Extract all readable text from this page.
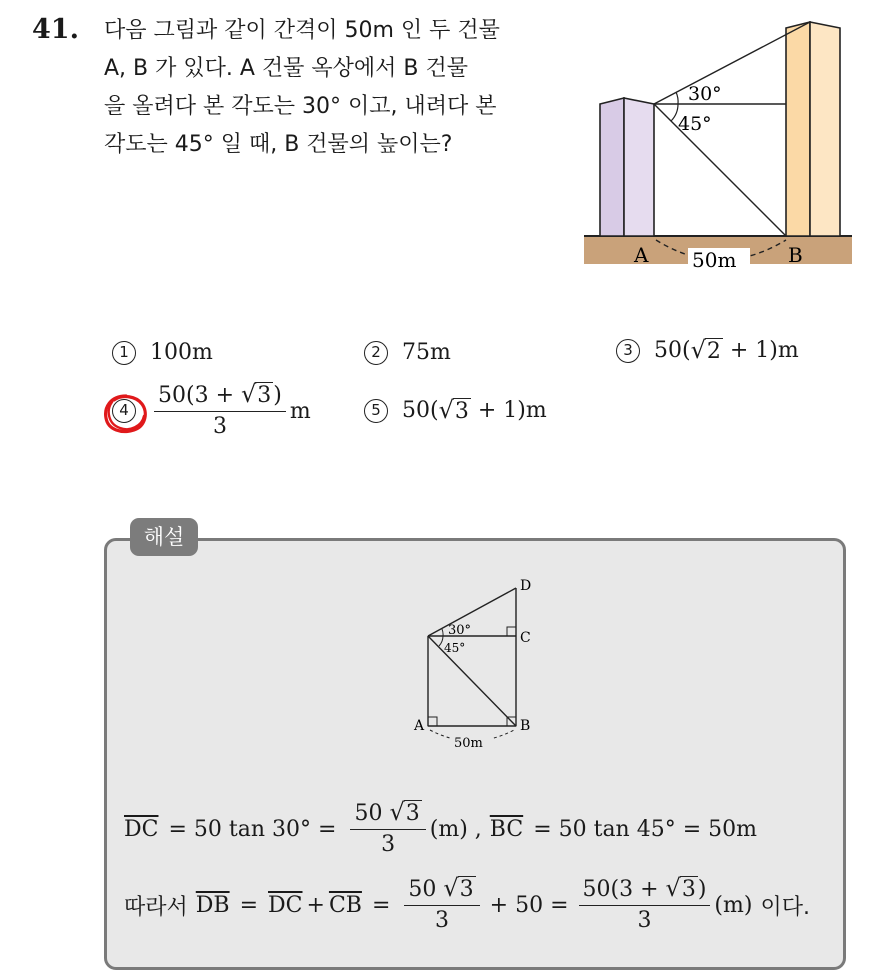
41. 다음 그림과 같이 간격이 50m 인 두 건물
A, B 가 있다. A 건물 옥상에서 B 건물
을 올려다 본 각도는 30° 이고, 내려다 본
각도는 45° 일 때, B 건물의 높이는?
30°
45°
A	B
50m
1 100m	2 75m	3 50( √ 2 + 1)m
4	$\frac{50(3 + √ 3 )}{3}$ m	5 50( √ 3 + 1)m
해설
30°
45°
D
C
A	B
50m
$\overline{DC} = 50$ $\tan 30^\circ = \frac{50 √ 3}{3} (m)$ , $\overline{BC} = 50$ tan 45° = 50m
따라서 $\overline{DB} = \overline{DC} + \overline{CB} = \frac{50 √ 3}{3} + 50 = \frac{50(3 + √ 3 )}{3} (m)$ 이다.
